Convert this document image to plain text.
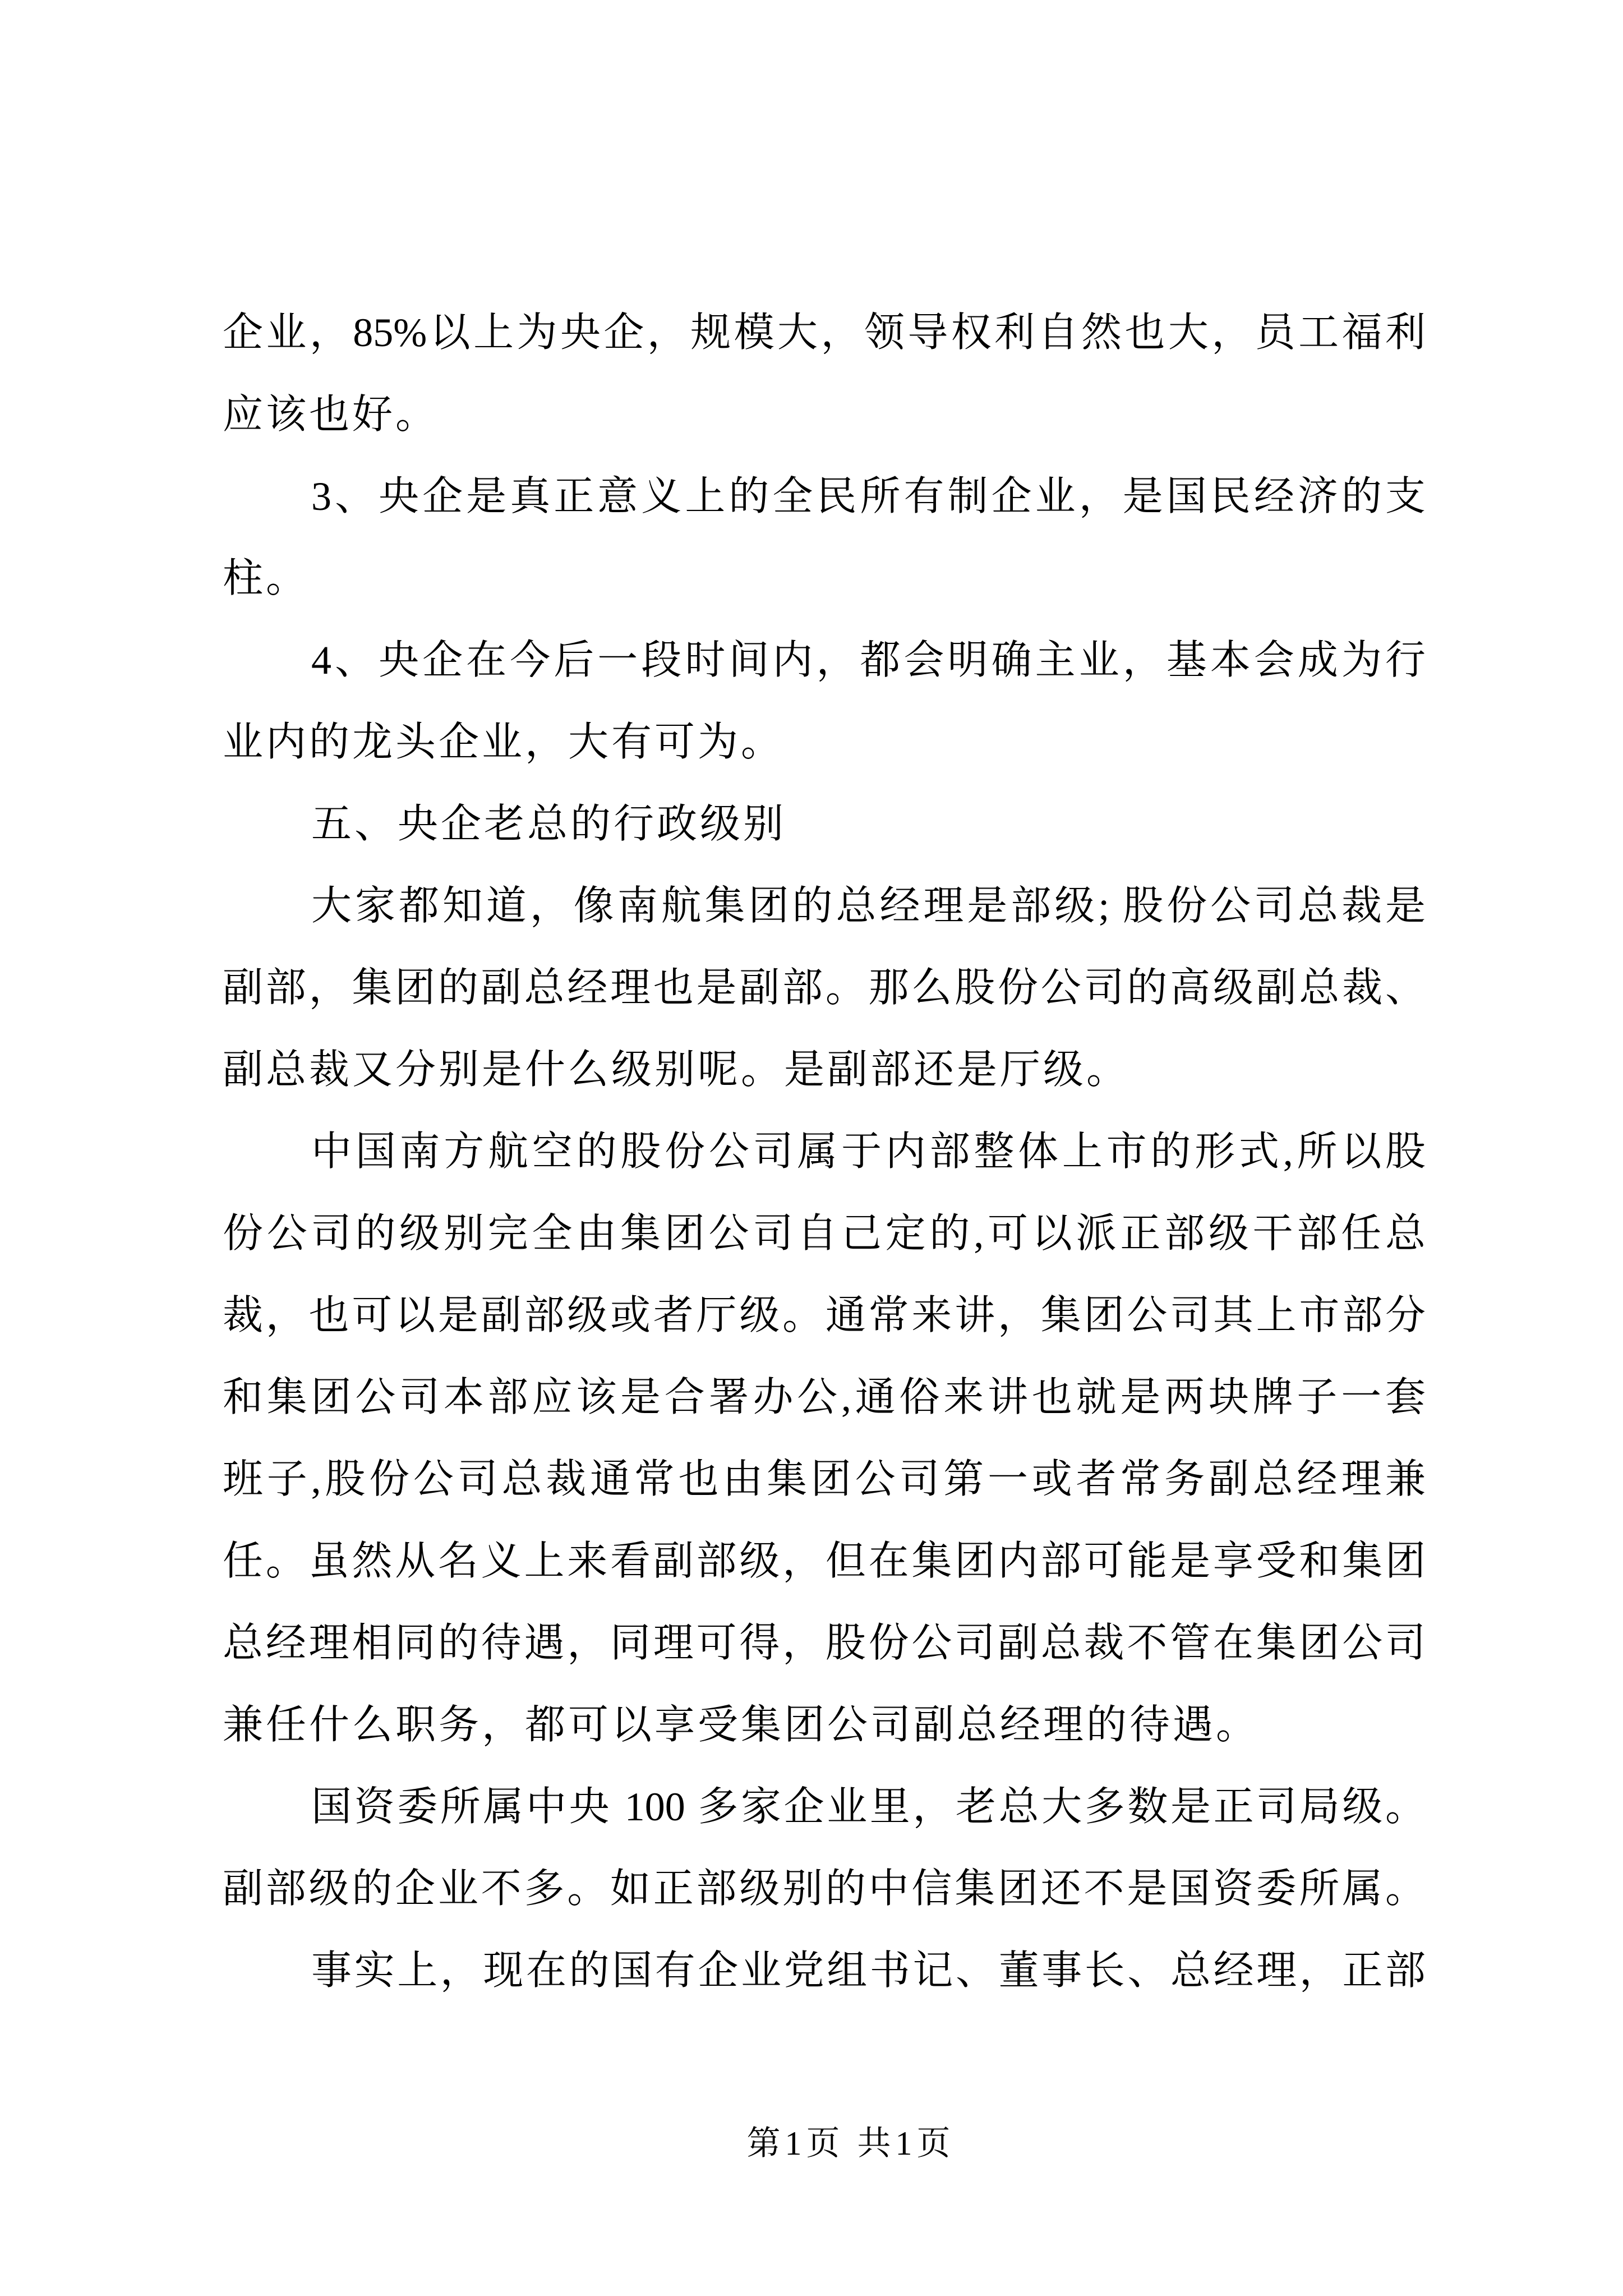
企业，85%以上为央企，规模大，领导权利自然也大，员工福利
应该也好。
3、央企是真正意义上的全民所有制企业，是国民经济的支
柱。
4、央企在今后一段时间内，都会明确主业，基本会成为行
业内的龙头企业，大有可为。
五、央企老总的行政级别
大家都知道，像南航集团的总经理是部级; 股份公司总裁是
副部，集团的副总经理也是副部。那么股份公司的高级副总裁、
副总裁又分别是什么级别呢。是副部还是厅级。
中国南方航空的股份公司属于内部整体上市的形式,所以股
份公司的级别完全由集团公司自己定的,可以派正部级干部任总
裁，也可以是副部级或者厅级。通常来讲，集团公司其上市部分
和集团公司本部应该是合署办公,通俗来讲也就是两块牌子一套
班子,股份公司总裁通常也由集团公司第一或者常务副总经理兼
任。虽然从名义上来看副部级，但在集团内部可能是享受和集团
总经理相同的待遇，同理可得，股份公司副总裁不管在集团公司
兼任什么职务，都可以享受集团公司副总经理的待遇。
国资委所属中央 100 多家企业里，老总大多数是正司局级。
副部级的企业不多。如正部级别的中信集团还不是国资委所属。
事实上，现在的国有企业党组书记、董事长、总经理，正部
第1页 共1页
